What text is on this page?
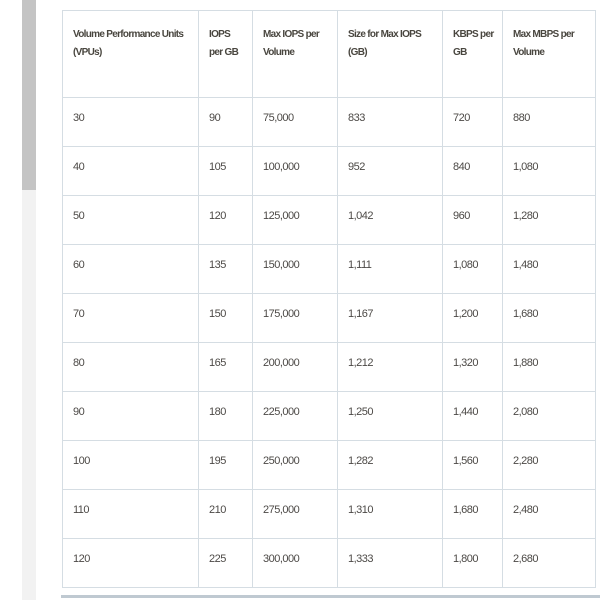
Volume Performance Units (VPUs)	IOPS per GB	Max IOPS per Volume	Size for Max IOPS (GB)	KBPS per GB	Max MBPS per Volume
30	90	75,000	833	720	880
40	105	100,000	952	840	1,080
50	120	125,000	1,042	960	1,280
60	135	150,000	1,111	1,080	1,480
70	150	175,000	1,167	1,200	1,680
80	165	200,000	1,212	1,320	1,880
90	180	225,000	1,250	1,440	2,080
100	195	250,000	1,282	1,560	2,280
110	210	275,000	1,310	1,680	2,480
120	225	300,000	1,333	1,800	2,680
